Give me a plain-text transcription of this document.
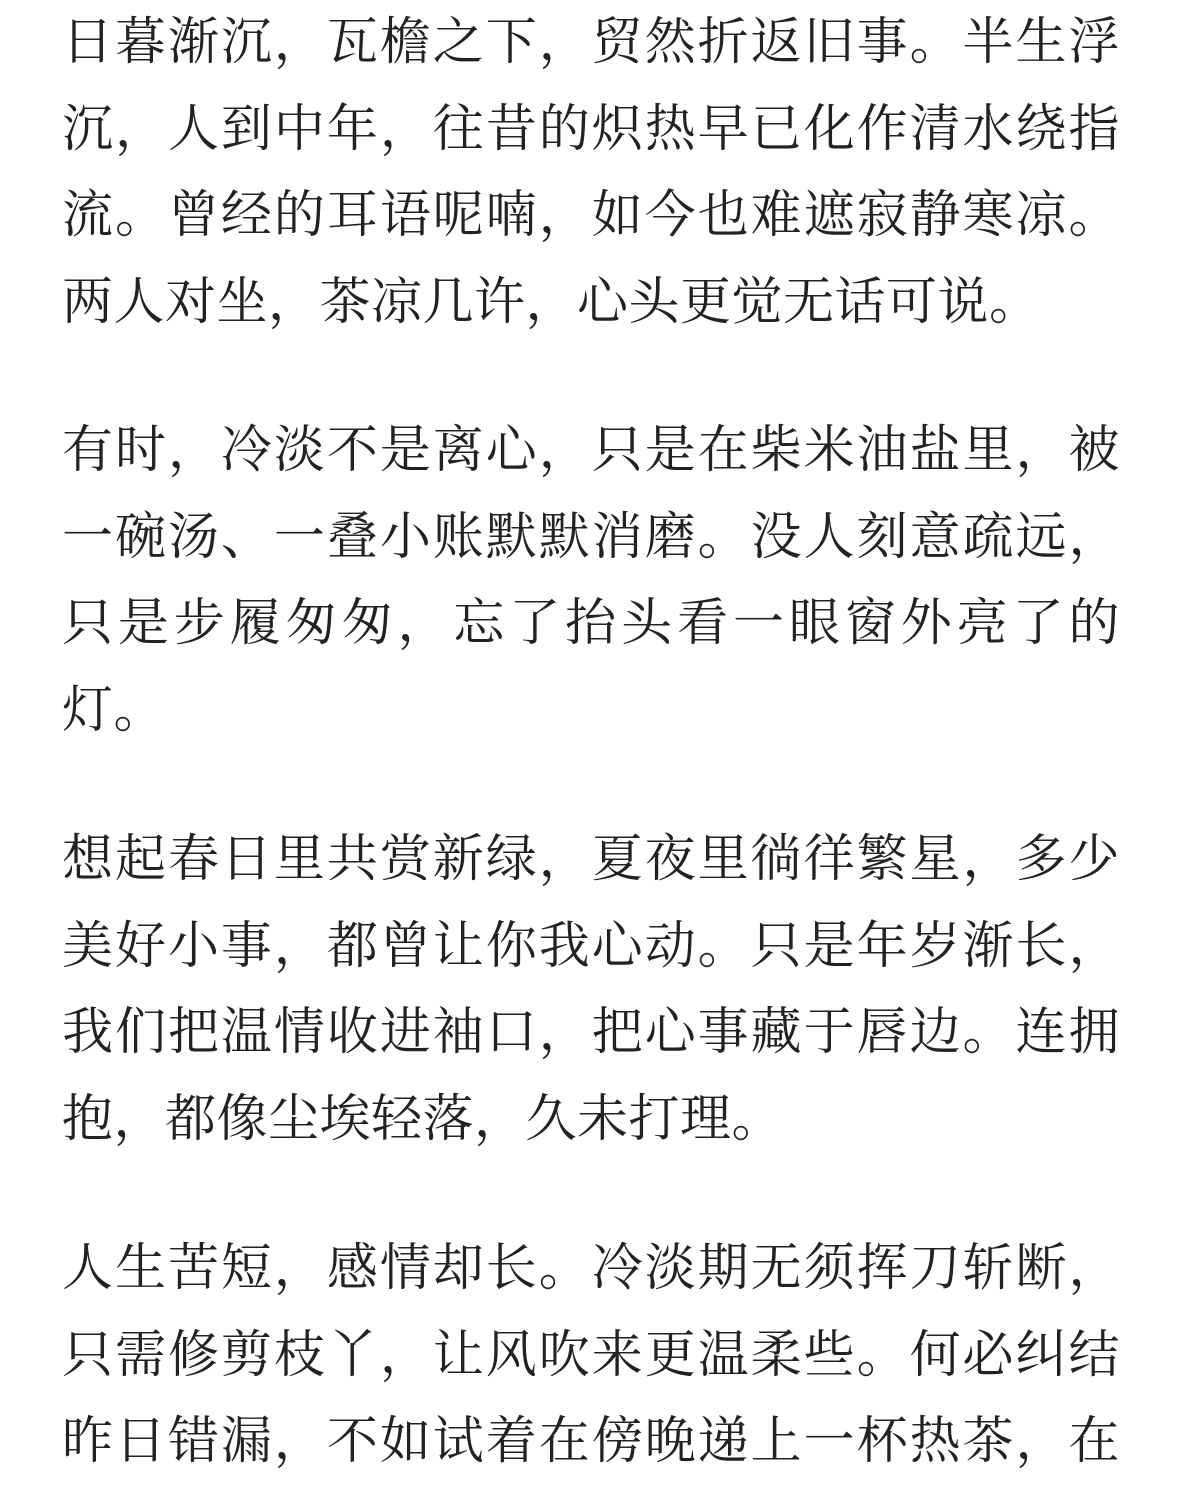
日暮渐沉，瓦檐之下，贸然折返旧事。半生浮
沉，人到中年，往昔的炽热早已化作清水绕指
流。曾经的耳语呢喃，如今也难遮寂静寒凉。
两人对坐，茶凉几许，心头更觉无话可说。
有时，冷淡不是离心，只是在柴米油盐里，被
一碗汤、一叠小账默默消磨。没人刻意疏远，
只是步履匆匆，忘了抬头看一眼窗外亮了的
灯。
想起春日里共赏新绿，夏夜里徜徉繁星，多少
美好小事，都曾让你我心动。只是年岁渐长，
我们把温情收进袖口，把心事藏于唇边。连拥
抱，都像尘埃轻落，久未打理。
人生苦短，感情却长。冷淡期无须挥刀斩断，
只需修剪枝丫，让风吹来更温柔些。何必纠结
昨日错漏，不如试着在傍晚递上一杯热茶，在
